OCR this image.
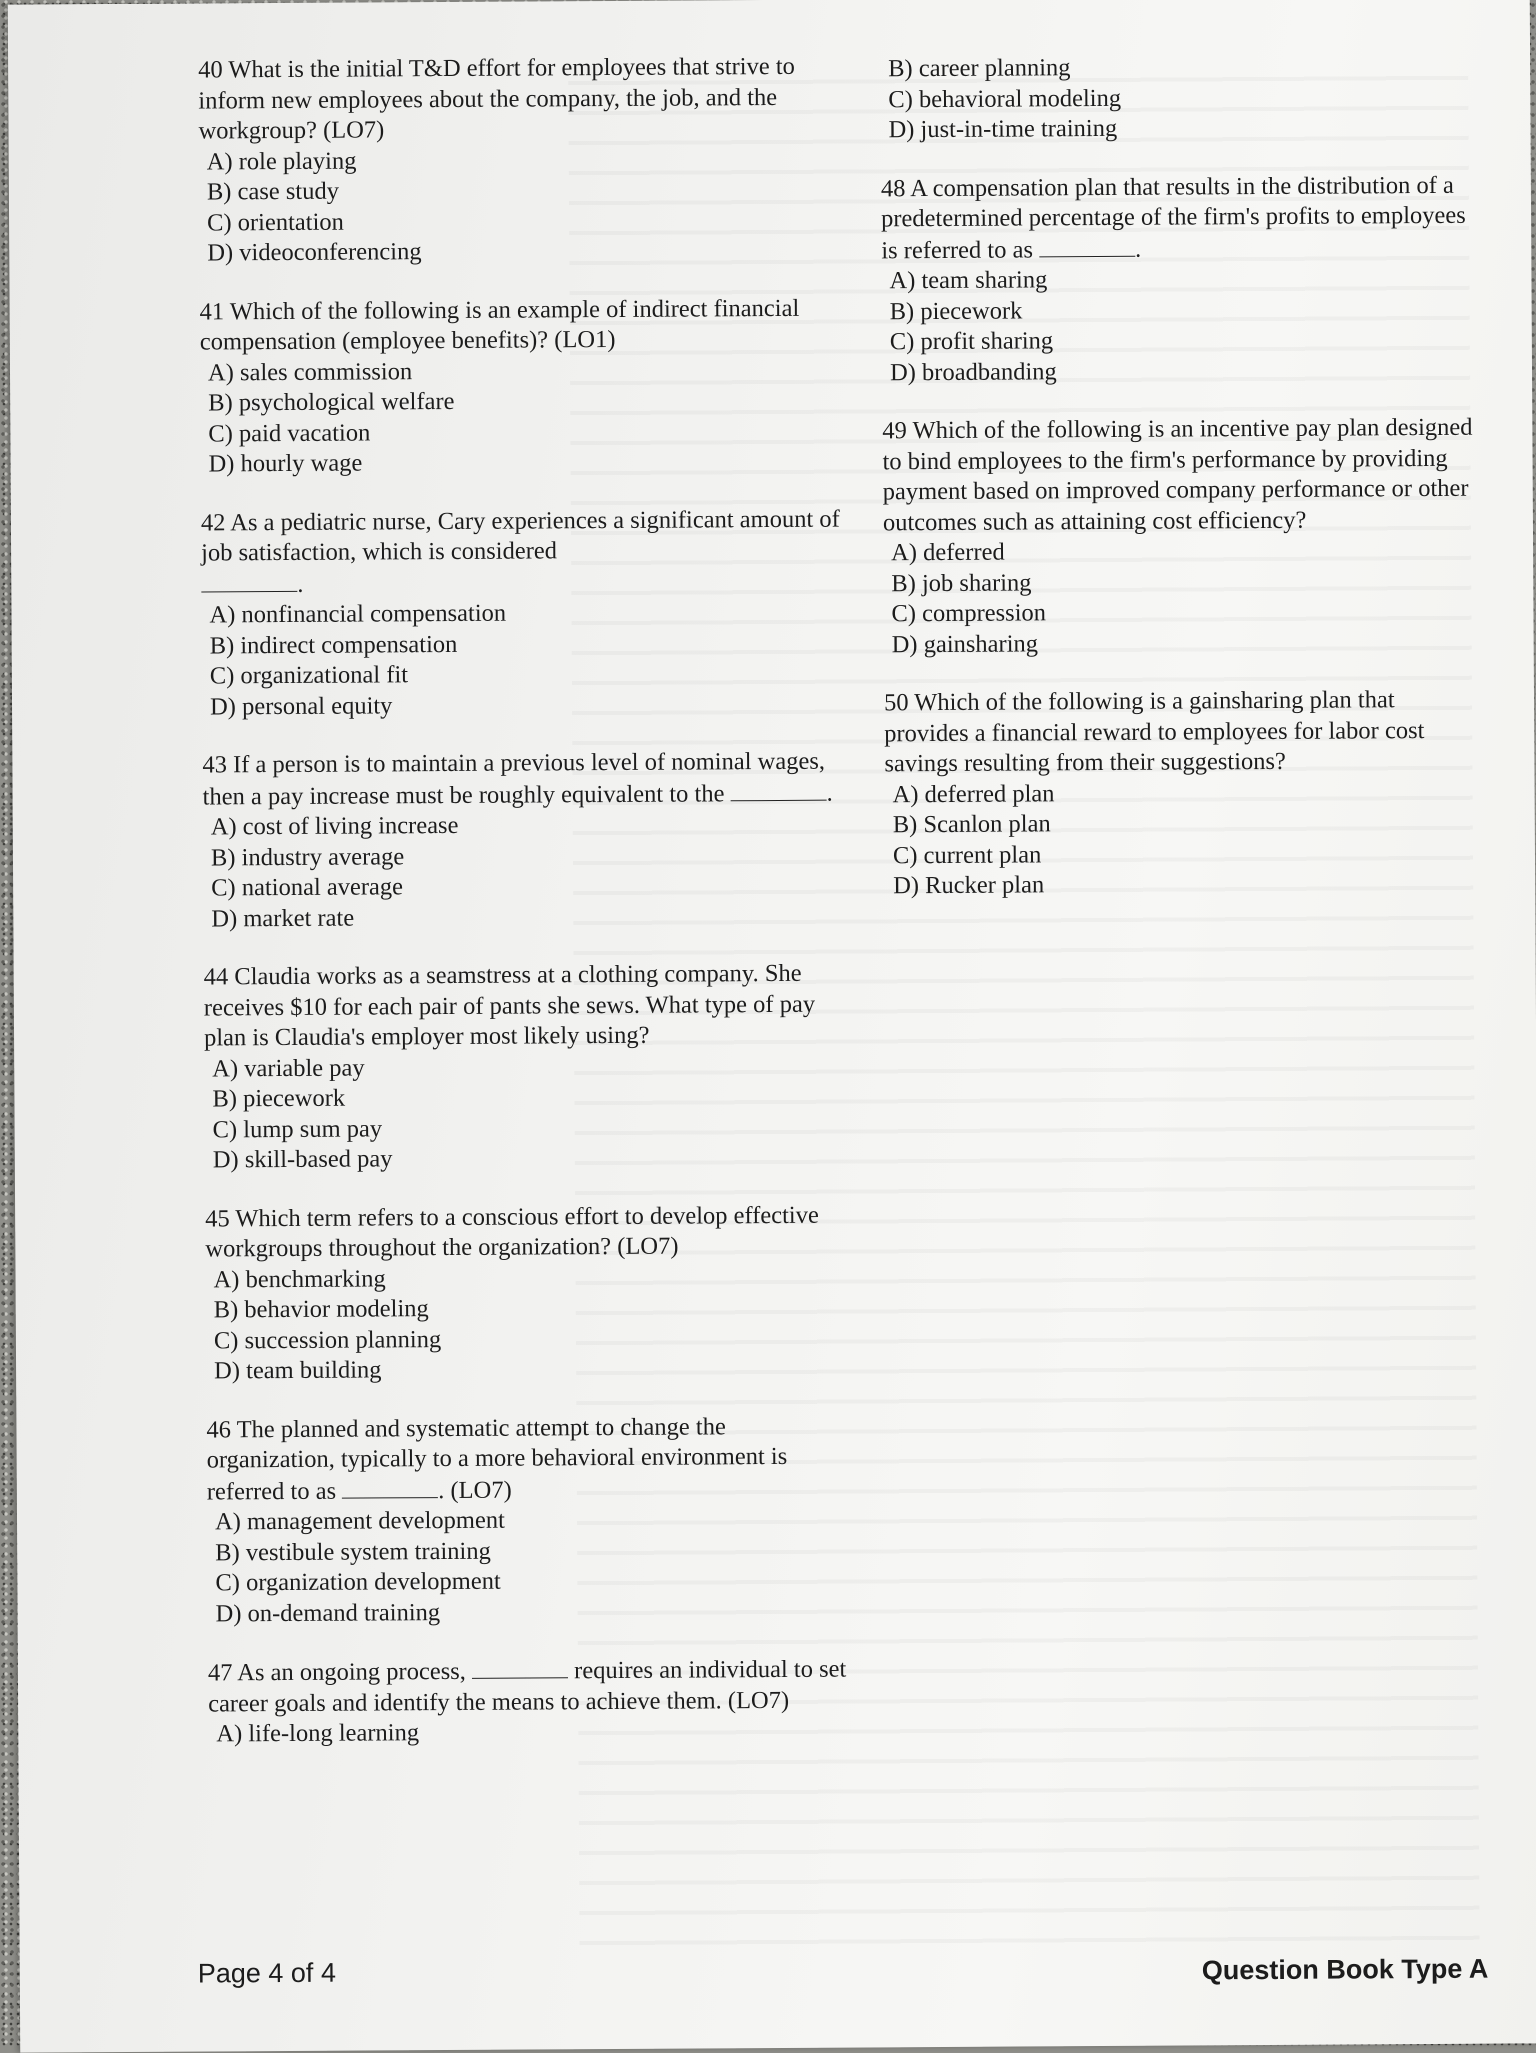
40 What is the initial T&D effort for employees that strive to inform new employees about the company, the job, and the workgroup? (LO7)

A) role playing
B) case study
C) orientation
D) videoconferencing

41 Which of the following is an example of indirect financial compensation (employee benefits)? (LO1)

A) sales commission
B) psychological welfare
C) paid vacation
D) hourly wage

42 As a pediatric nurse, Cary experiences a significant amount of job satisfaction, which is considered
.

A) nonfinancial compensation
B) indirect compensation
C) organizational fit
D) personal equity

43 If a person is to maintain a previous level of nominal wages, then a pay increase must be roughly equivalent to the	.

A) cost of living increase
B) industry average
C) national average
D) market rate

44 Claudia works as a seamstress at a clothing company. She receives $10 for each pair of pants she sews. What type of pay plan is Claudia's employer most likely using?

A) variable pay
B) piecework
C) lump sum pay
D) skill-based pay

45 Which term refers to a conscious effort to develop effective workgroups throughout the organization? (LO7)

A) benchmarking
B) behavior modeling
C) succession planning
D) team building

46 The planned and systematic attempt to change the organization, typically to a more behavioral environment is referred to as	. (LO7)

A) management development
B) vestibule system training
C) organization development
D) on-demand training

47 As an ongoing process,	requires an individual to set career goals and identify the means to achieve them. (LO7)

A) life-long learning
B) career planning
C) behavioral modeling
D) just-in-time training

48 A compensation plan that results in the distribution of a predetermined percentage of the firm's profits to employees is referred to as	.

A) team sharing
B) piecework
C) profit sharing
D) broadbanding

49 Which of the following is an incentive pay plan designed to bind employees to the firm's performance by providing payment based on improved company performance or other outcomes such as attaining cost efficiency?

A) deferred
B) job sharing
C) compression
D) gainsharing

50 Which of the following is a gainsharing plan that provides a financial reward to employees for labor cost savings resulting from their suggestions?

A) deferred plan
B) Scanlon plan
C) current plan
D) Rucker plan
Page 4 of 4	Question Book Type A
